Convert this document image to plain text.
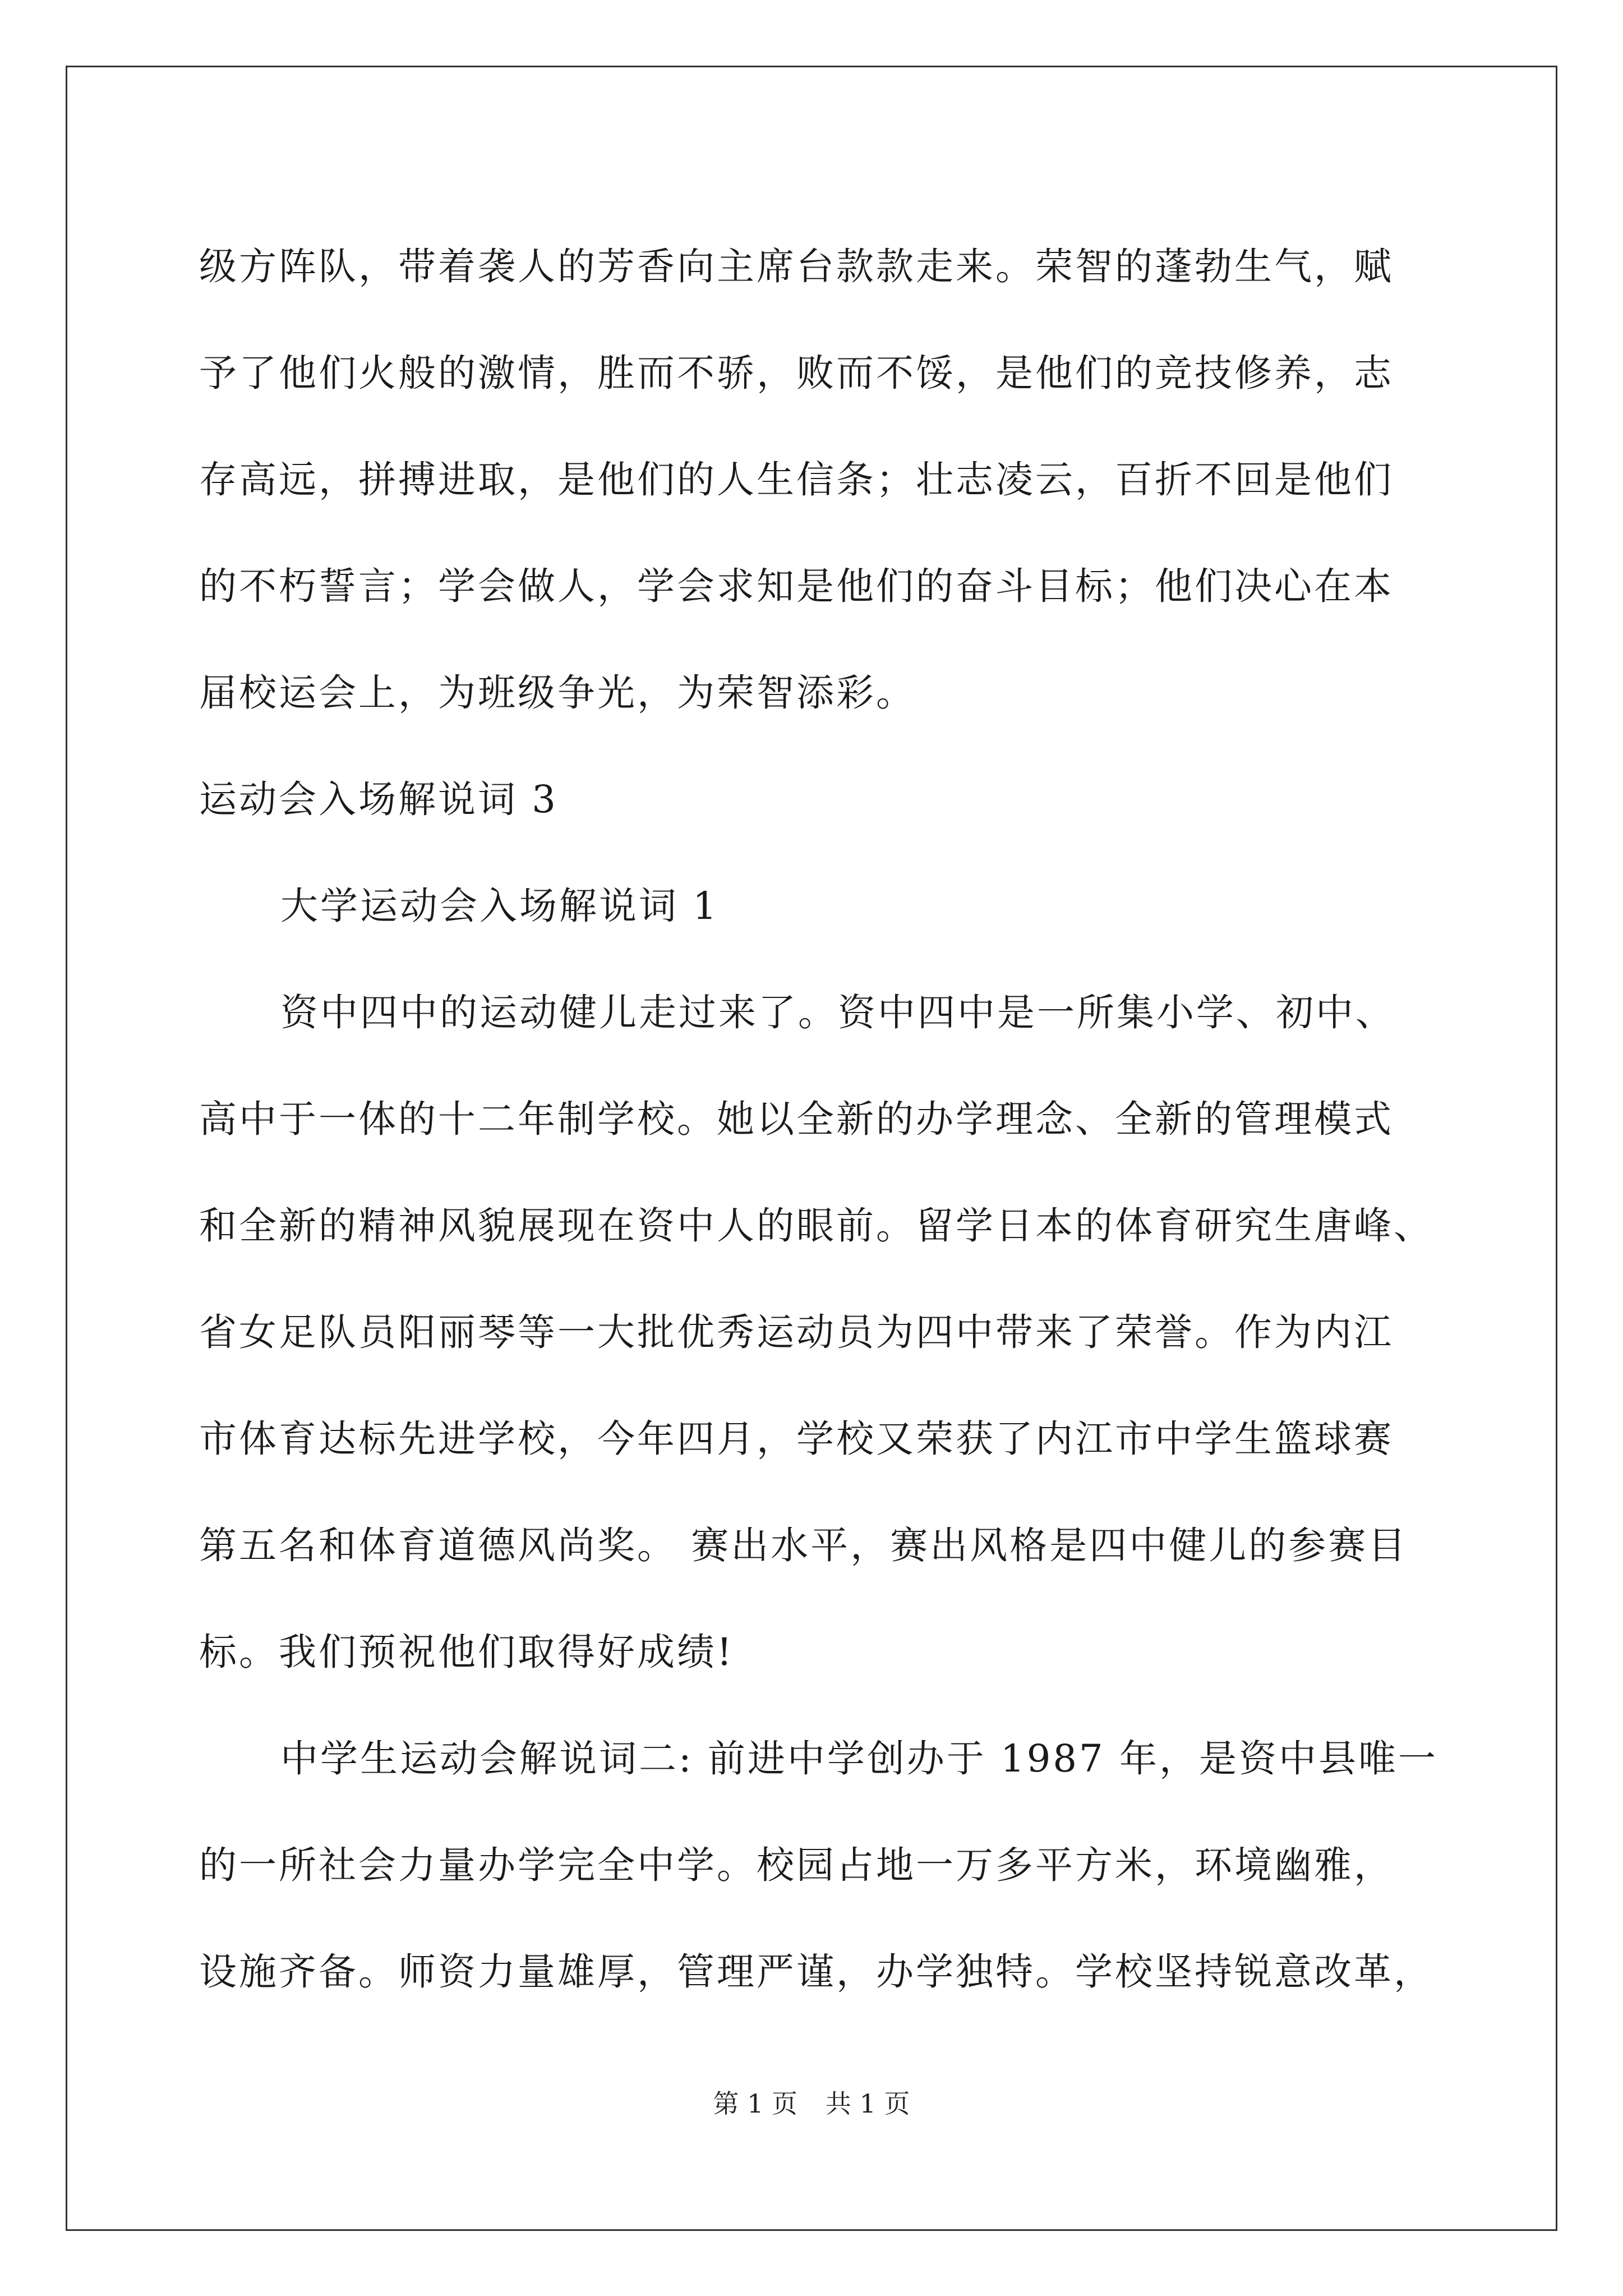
级方阵队，带着袭人的芳香向主席台款款走来。荣智的蓬勃生气，赋
予了他们火般的激情，胜而不骄，败而不馁，是他们的竞技修养，志
存高远，拼搏进取，是他们的人生信条；壮志凌云，百折不回是他们
的不朽誓言；学会做人，学会求知是他们的奋斗目标；他们决心在本
届校运会上，为班级争光，为荣智添彩。
运动会入场解说词 3
大学运动会入场解说词 1
资中四中的运动健儿走过来了。资中四中是一所集小学、初中、
高中于一体的十二年制学校。她以全新的办学理念、全新的管理模式
和全新的精神风貌展现在资中人的眼前。留学日本的体育研究生唐峰、
省女足队员阳丽琴等一大批优秀运动员为四中带来了荣誉。作为内江
市体育达标先进学校，今年四月，学校又荣获了内江市中学生篮球赛
第五名和体育道德风尚奖。 赛出水平，赛出风格是四中健儿的参赛目
标。我们预祝他们取得好成绩!
中学生运动会解说词二: 前进中学创办于 1987 年，是资中县唯一
的一所社会力量办学完全中学。校园占地一万多平方米，环境幽雅，
设施齐备。师资力量雄厚，管理严谨，办学独特。学校坚持锐意改革，
第 1 页 共 1 页
